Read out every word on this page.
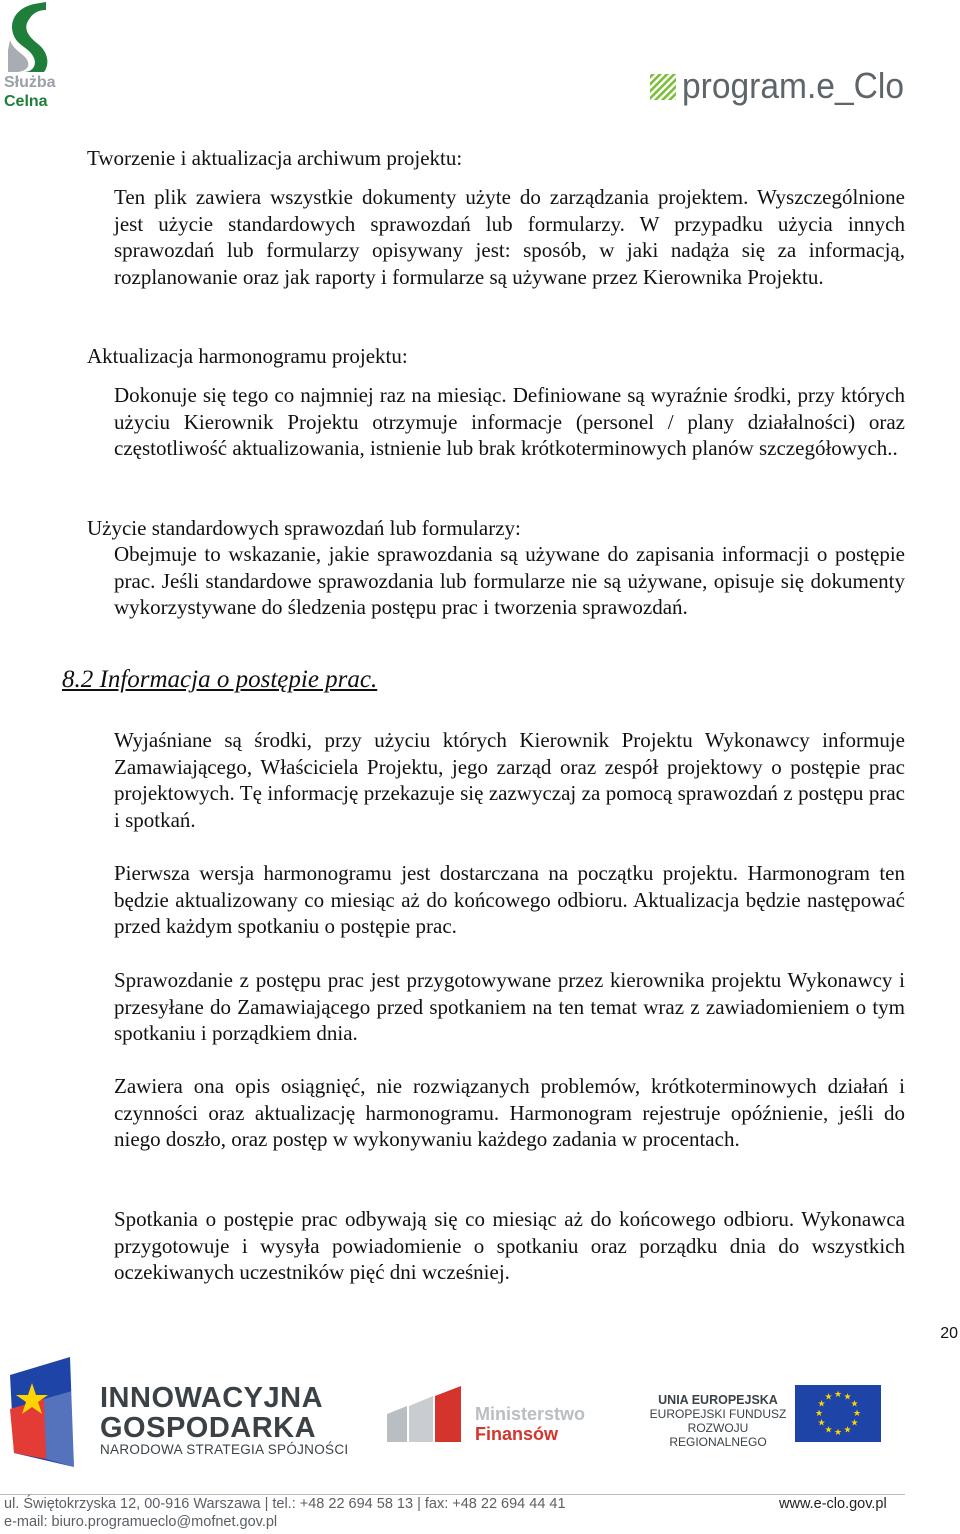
Służba
Celna	program.e_Clo
Tworzenie i aktualizacja archiwum projektu:
Ten plik zawiera wszystkie dokumenty użyte do zarządzania projektem. Wyszczególnione jest użycie standardowych sprawozdań lub formularzy. W przypadku użycia innych sprawozdań lub formularzy opisywany jest: sposób, w jaki nadąża się za informacją, rozplanowanie oraz jak raporty i formularze są używane przez Kierownika Projektu.
Aktualizacja harmonogramu projektu:
Dokonuje się tego co najmniej raz na miesiąc. Definiowane są wyraźnie środki, przy których użyciu Kierownik Projektu otrzymuje informacje (personel / plany działalności) oraz częstotliwość aktualizowania, istnienie lub brak krótkoterminowych planów szczegółowych..
Użycie standardowych sprawozdań lub formularzy:
Obejmuje to wskazanie, jakie sprawozdania są używane do zapisania informacji o postępie prac. Jeśli standardowe sprawozdania lub formularze nie są używane, opisuje się dokumenty wykorzystywane do śledzenia postępu prac i tworzenia sprawozdań.
8.2 Informacja o postępie prac.
Wyjaśniane są środki, przy użyciu których Kierownik Projektu Wykonawcy informuje Zamawiającego, Właściciela Projektu, jego zarząd oraz zespół projektowy o postępie prac projektowych. Tę informację przekazuje się zazwyczaj za pomocą sprawozdań z postępu prac i spotkań.
Pierwsza wersja harmonogramu jest dostarczana na początku projektu. Harmonogram ten będzie aktualizowany co miesiąc aż do końcowego odbioru. Aktualizacja będzie następować przed każdym spotkaniu o postępie prac.
Sprawozdanie z postępu prac jest przygotowywane przez kierownika projektu Wykonawcy i przesyłane do Zamawiającego przed spotkaniem na ten temat wraz z zawiadomieniem o tym spotkaniu i porządkiem dnia.
Zawiera ona opis osiągnięć, nie rozwiązanych problemów, krótkoterminowych działań i czynności oraz aktualizację harmonogramu. Harmonogram rejestruje opóźnienie, jeśli do niego doszło, oraz postęp w wykonywaniu każdego zadania w procentach.
Spotkania o postępie prac odbywają się co miesiąc aż do końcowego odbioru. Wykonawca przygotowuje i wysyła powiadomienie o spotkaniu oraz porządku dnia do wszystkich oczekiwanych uczestników pięć dni wcześniej.
20
INNOWACYJNA
GOSPODARKA
NARODOWA STRATEGIA SPÓJNOŚCI
Ministerstwo
Finansów
UNIA EUROPEJSKA
EUROPEJSKI FUNDUSZ
ROZWOJU REGIONALNEGO
★ ★
★
★
★
★
★
★
★
★
★
★
ul. Świętokrzyska 12, 00-916 Warszawa | tel.: +48 22 694 58 13 | fax: +48 22 694 44 41
e-mail: biuro.programueclo@mofnet.gov.pl
www.e-clo.gov.pl
